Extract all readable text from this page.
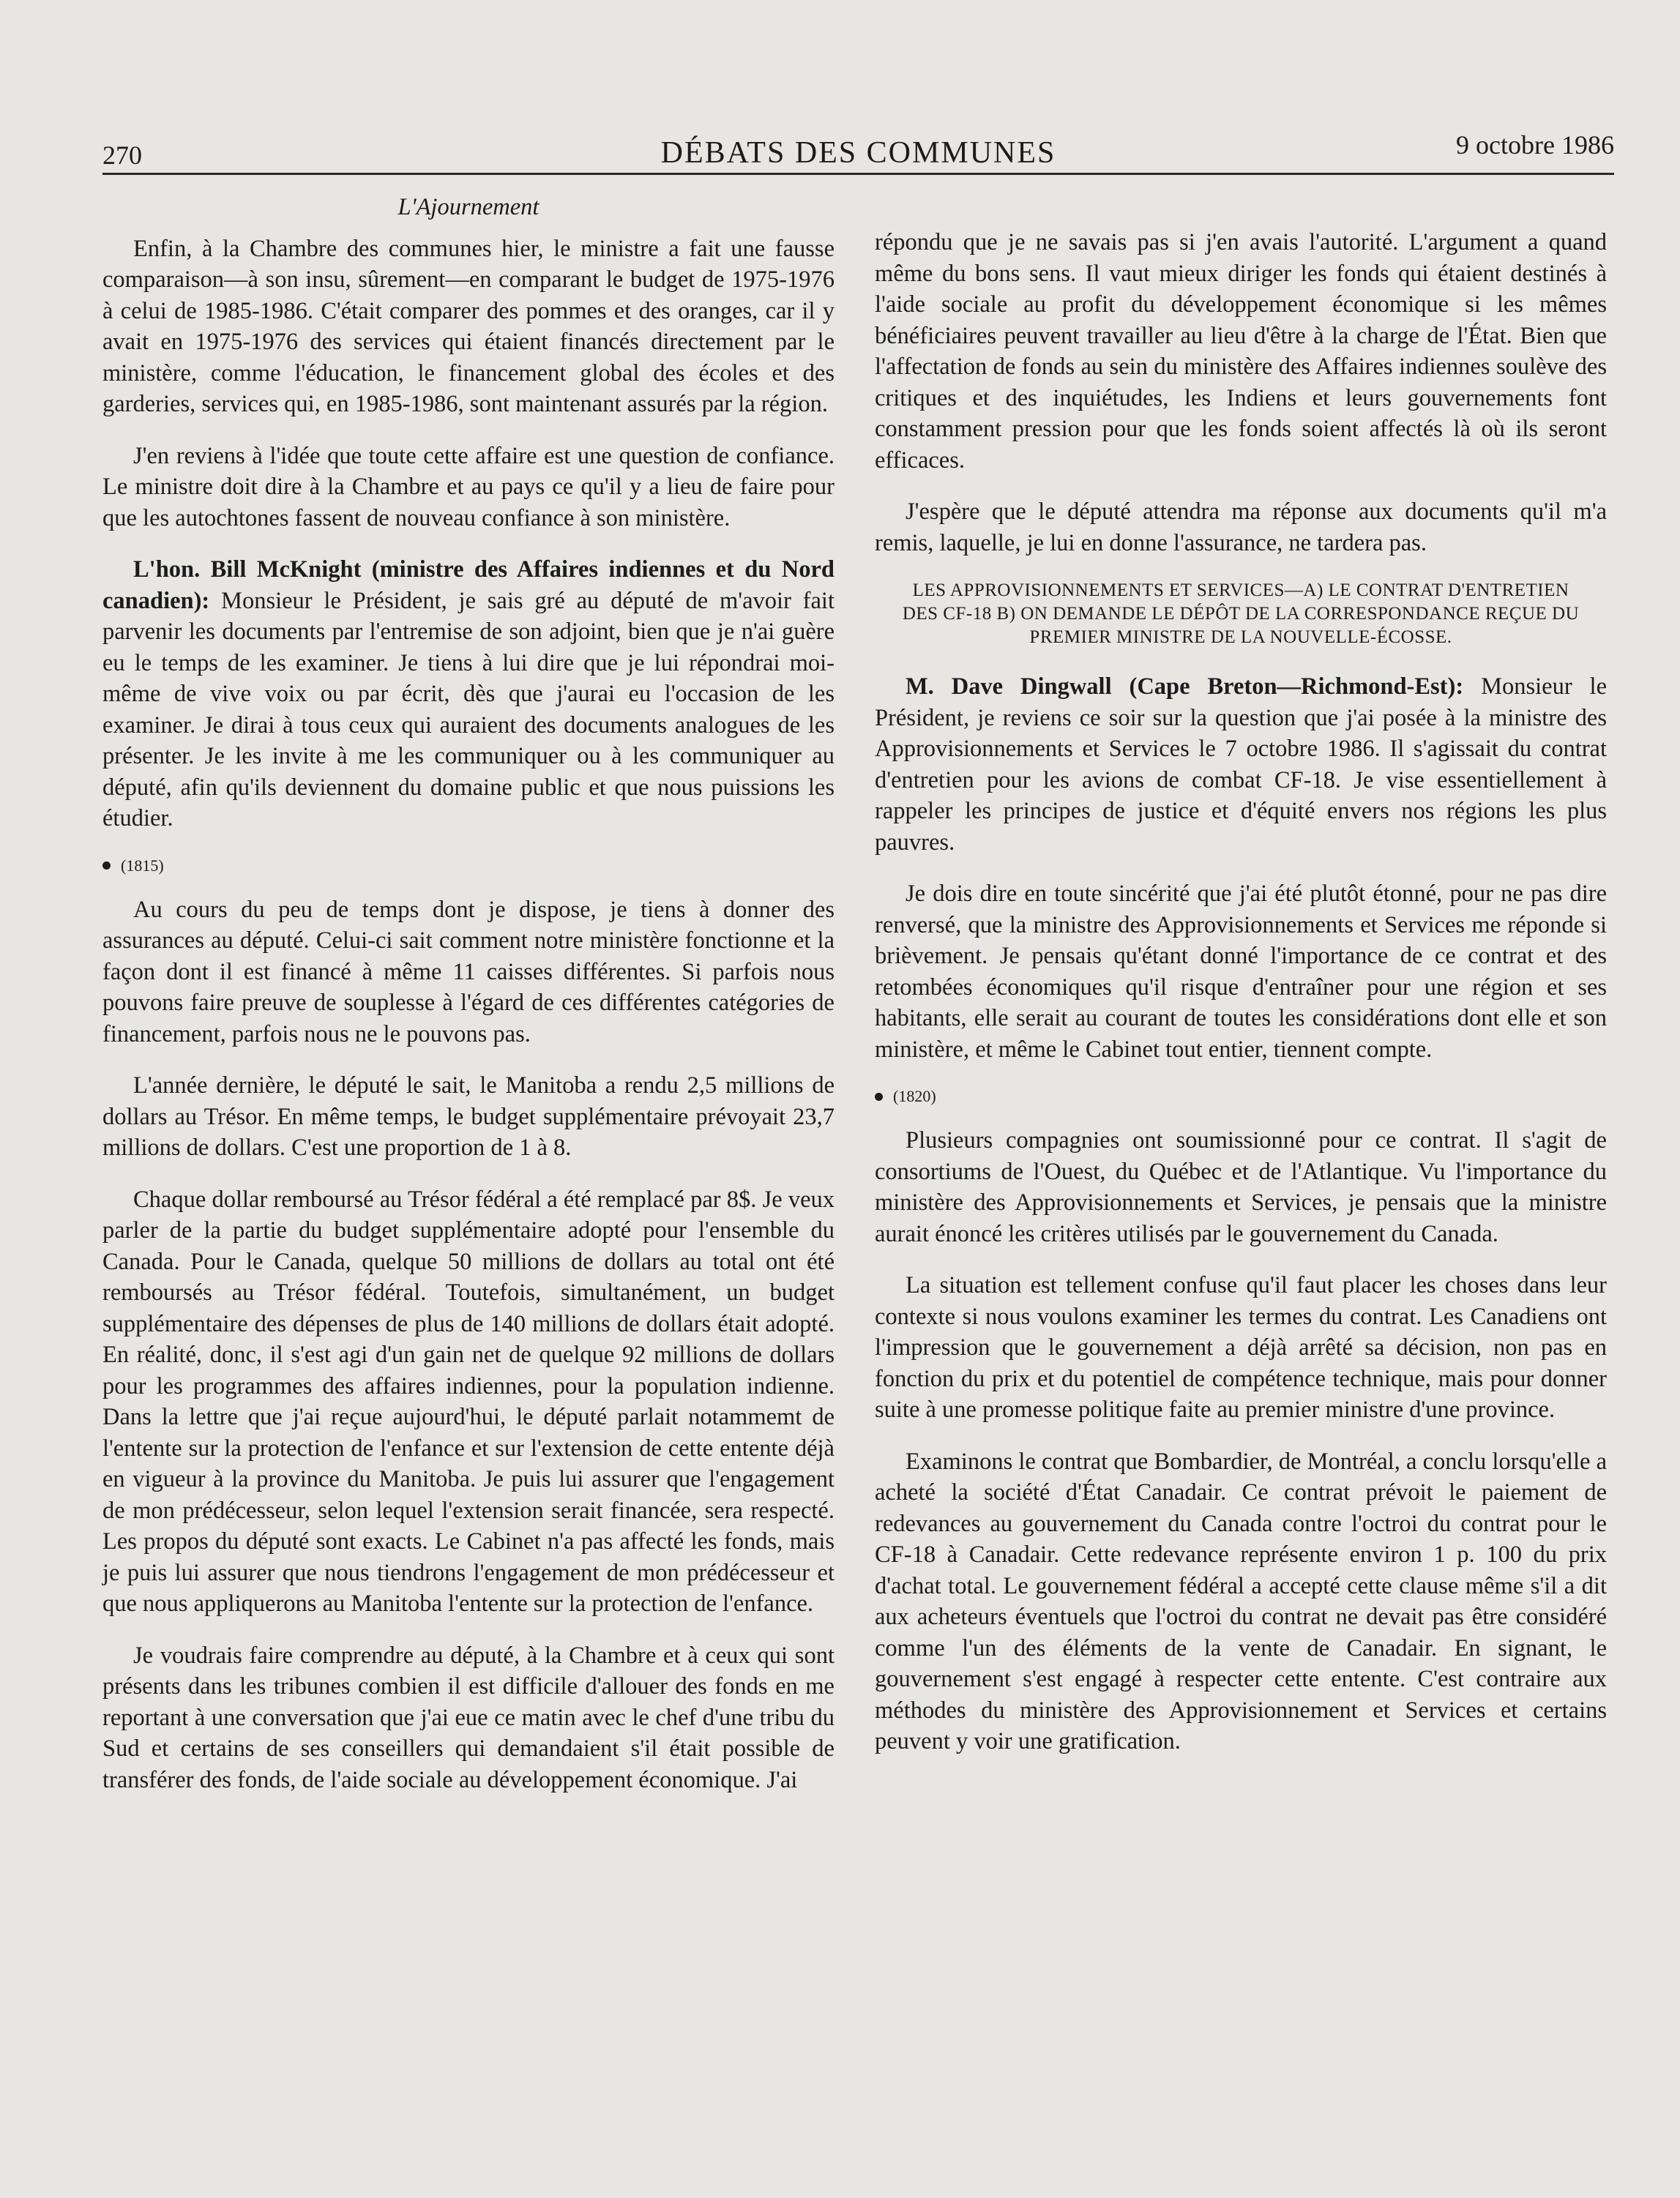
270	DÉBATS DES COMMUNES	9 octobre 1986
L'Ajournement

Enfin, à la Chambre des communes hier, le ministre a fait une fausse comparaison—à son insu, sûrement—en comparant le budget de 1975-1976 à celui de 1985-1986. C'était comparer des pommes et des oranges, car il y avait en 1975-1976 des services qui étaient financés directement par le ministère, comme l'éducation, le financement global des écoles et des garderies, services qui, en 1985-1986, sont maintenant assurés par la région.

J'en reviens à l'idée que toute cette affaire est une question de confiance. Le ministre doit dire à la Chambre et au pays ce qu'il y a lieu de faire pour que les autochtones fassent de nouveau confiance à son ministère.

L'hon. Bill McKnight (ministre des Affaires indiennes et du Nord canadien): Monsieur le Président, je sais gré au député de m'avoir fait parvenir les documents par l'entremise de son adjoint, bien que je n'ai guère eu le temps de les examiner. Je tiens à lui dire que je lui répondrai moi-même de vive voix ou par écrit, dès que j'aurai eu l'occasion de les examiner. Je dirai à tous ceux qui auraient des documents analogues de les présenter. Je les invite à me les communiquer ou à les communiquer au député, afin qu'ils deviennent du domaine public et que nous puissions les étudier.

(1815)

Au cours du peu de temps dont je dispose, je tiens à donner des assurances au député. Celui-ci sait comment notre ministère fonctionne et la façon dont il est financé à même 11 caisses différentes. Si parfois nous pouvons faire preuve de souplesse à l'égard de ces différentes catégories de financement, parfois nous ne le pouvons pas.

L'année dernière, le député le sait, le Manitoba a rendu 2,5 millions de dollars au Trésor. En même temps, le budget supplémentaire prévoyait 23,7 millions de dollars. C'est une proportion de 1 à 8.

Chaque dollar remboursé au Trésor fédéral a été remplacé par 8$. Je veux parler de la partie du budget supplémentaire adopté pour l'ensemble du Canada. Pour le Canada, quelque 50 millions de dollars au total ont été remboursés au Trésor fédéral. Toutefois, simultanément, un budget supplémentaire des dépenses de plus de 140 millions de dollars était adopté. En réalité, donc, il s'est agi d'un gain net de quelque 92 millions de dollars pour les programmes des affaires indiennes, pour la population indienne. Dans la lettre que j'ai reçue aujourd'hui, le député parlait notammemt de l'entente sur la protection de l'enfance et sur l'extension de cette entente déjà en vigueur à la province du Manitoba. Je puis lui assurer que l'engagement de mon prédécesseur, selon lequel l'extension serait financée, sera respecté. Les propos du député sont exacts. Le Cabinet n'a pas affecté les fonds, mais je puis lui assurer que nous tiendrons l'engagement de mon prédécesseur et que nous appliquerons au Manitoba l'entente sur la protection de l'enfance.

Je voudrais faire comprendre au député, à la Chambre et à ceux qui sont présents dans les tribunes combien il est difficile d'allouer des fonds en me reportant à une conversation que j'ai eue ce matin avec le chef d'une tribu du Sud et certains de ses conseillers qui demandaient s'il était possible de transférer des fonds, de l'aide sociale au développement économique. J'ai

répondu que je ne savais pas si j'en avais l'autorité. L'argument a quand même du bons sens. Il vaut mieux diriger les fonds qui étaient destinés à l'aide sociale au profit du développement économique si les mêmes bénéficiaires peuvent travailler au lieu d'être à la charge de l'État. Bien que l'affectation de fonds au sein du ministère des Affaires indiennes soulève des critiques et des inquiétudes, les Indiens et leurs gouvernements font constamment pression pour que les fonds soient affectés là où ils seront efficaces.

J'espère que le député attendra ma réponse aux documents qu'il m'a remis, laquelle, je lui en donne l'assurance, ne tardera pas.

LES APPROVISIONNEMENTS ET SERVICES—A) LE CONTRAT D'ENTRETIEN DES CF-18 B) ON DEMANDE LE DÉPÔT DE LA CORRESPONDANCE REÇUE DU PREMIER MINISTRE DE LA NOUVELLE-ÉCOSSE.

M. Dave Dingwall (Cape Breton—Richmond-Est): Monsieur le Président, je reviens ce soir sur la question que j'ai posée à la ministre des Approvisionnements et Services le 7 octobre 1986. Il s'agissait du contrat d'entretien pour les avions de combat CF-18. Je vise essentiellement à rappeler les principes de justice et d'équité envers nos régions les plus pauvres.

Je dois dire en toute sincérité que j'ai été plutôt étonné, pour ne pas dire renversé, que la ministre des Approvisionnements et Services me réponde si brièvement. Je pensais qu'étant donné l'importance de ce contrat et des retombées économiques qu'il risque d'entraîner pour une région et ses habitants, elle serait au courant de toutes les considérations dont elle et son ministère, et même le Cabinet tout entier, tiennent compte.

(1820)

Plusieurs compagnies ont soumissionné pour ce contrat. Il s'agit de consortiums de l'Ouest, du Québec et de l'Atlantique. Vu l'importance du ministère des Approvisionnements et Services, je pensais que la ministre aurait énoncé les critères utilisés par le gouvernement du Canada.

La situation est tellement confuse qu'il faut placer les choses dans leur contexte si nous voulons examiner les termes du contrat. Les Canadiens ont l'impression que le gouvernement a déjà arrêté sa décision, non pas en fonction du prix et du potentiel de compétence technique, mais pour donner suite à une promesse politique faite au premier ministre d'une province.

Examinons le contrat que Bombardier, de Montréal, a conclu lorsqu'elle a acheté la société d'État Canadair. Ce contrat prévoit le paiement de redevances au gouvernement du Canada contre l'octroi du contrat pour le CF-18 à Canadair. Cette redevance représente environ 1 p. 100 du prix d'achat total. Le gouvernement fédéral a accepté cette clause même s'il a dit aux acheteurs éventuels que l'octroi du contrat ne devait pas être considéré comme l'un des éléments de la vente de Canadair. En signant, le gouvernement s'est engagé à respecter cette entente. C'est contraire aux méthodes du ministère des Approvisionnement et Services et certains peuvent y voir une gratification.
